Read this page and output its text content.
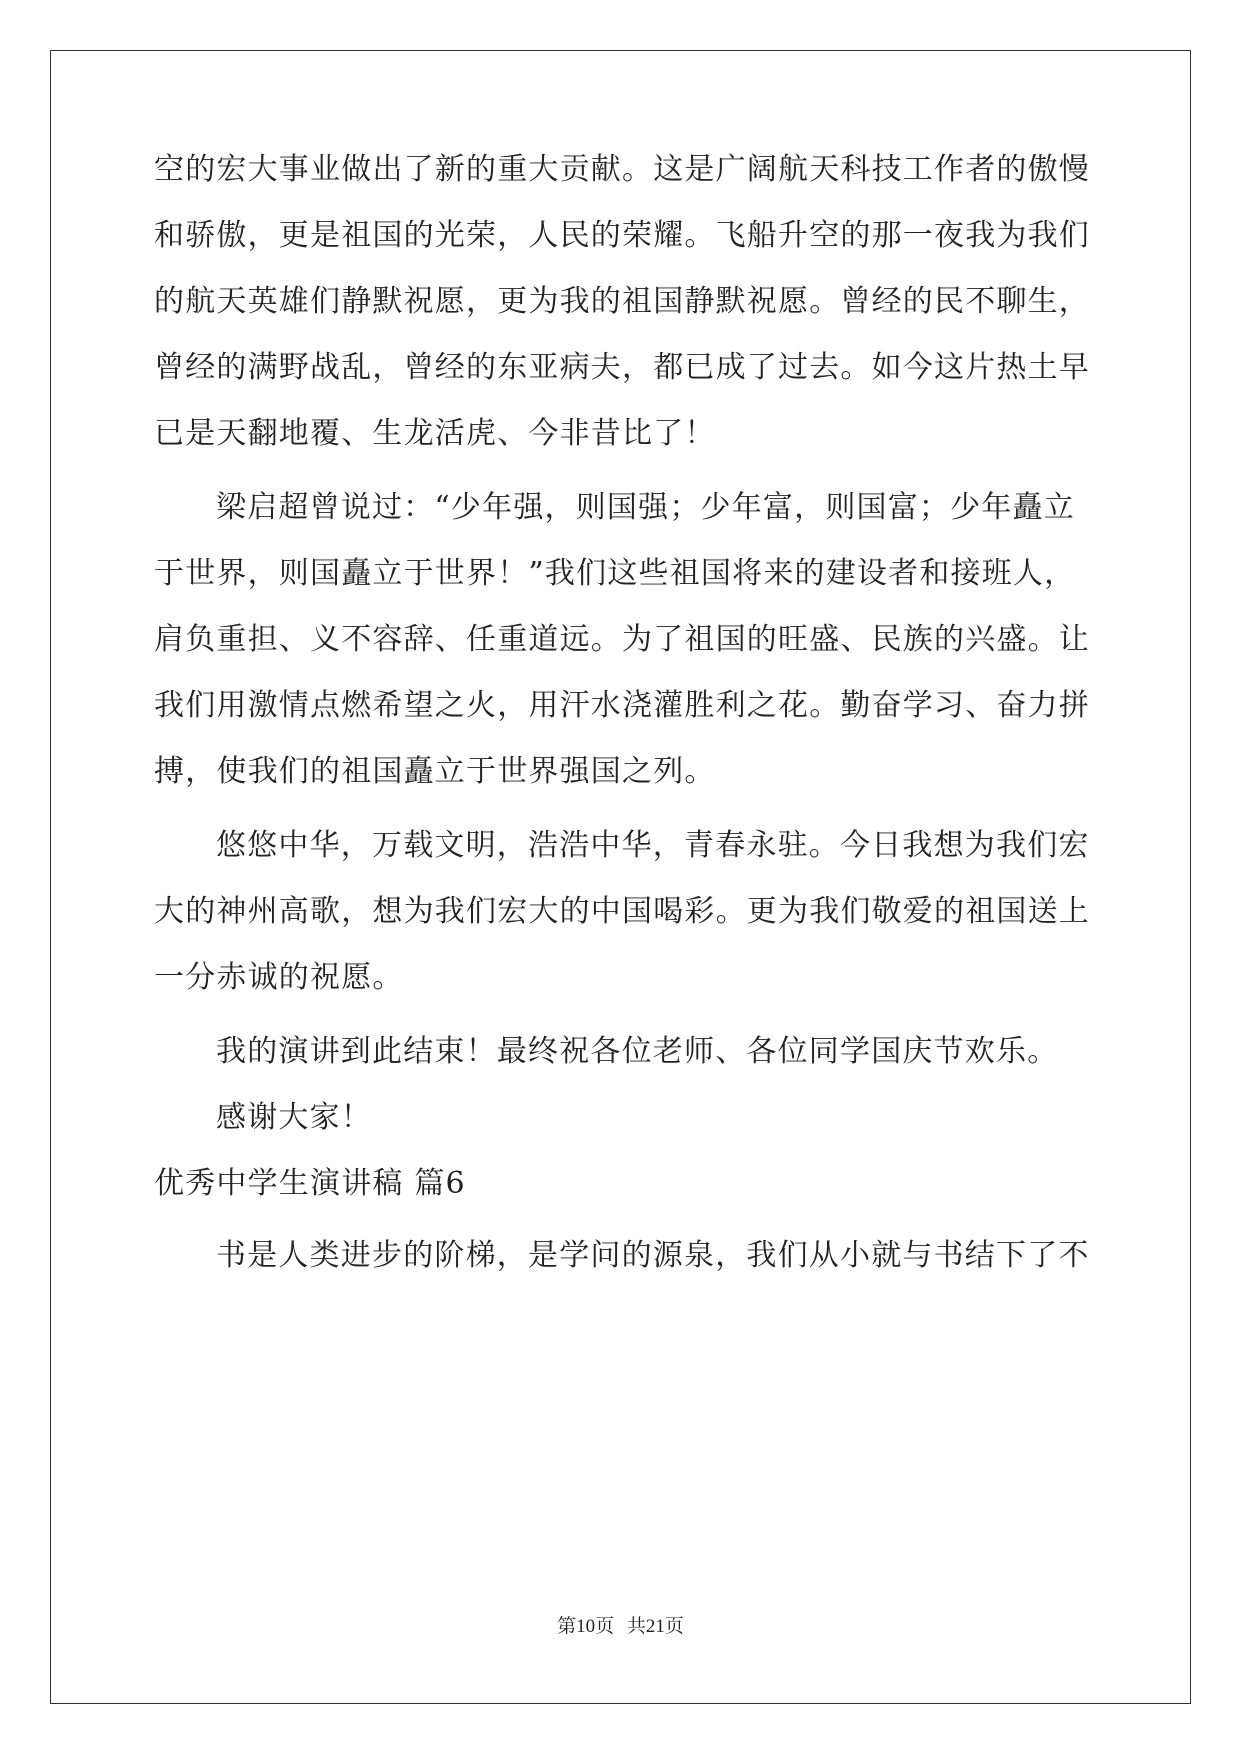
空的宏大事业做出了新的重大贡献。这是广阔航天科技工作者的傲慢
和骄傲，更是祖国的光荣，人民的荣耀。飞船升空的那一夜我为我们
的航天英雄们静默祝愿，更为我的祖国静默祝愿。曾经的民不聊生，
曾经的满野战乱，曾经的东亚病夫，都已成了过去。如今这片热土早
已是天翻地覆、生龙活虎、今非昔比了！
梁启超曾说过：“少年强，则国强；少年富，则国富；少年矗立
于世界，则国矗立于世界！”我们这些祖国将来的建设者和接班人，
肩负重担、义不容辞、任重道远。为了祖国的旺盛、民族的兴盛。让
我们用激情点燃希望之火，用汗水浇灌胜利之花。勤奋学习、奋力拼
搏，使我们的祖国矗立于世界强国之列。
悠悠中华，万载文明，浩浩中华，青春永驻。今日我想为我们宏
大的神州高歌，想为我们宏大的中国喝彩。更为我们敬爱的祖国送上
一分赤诚的祝愿。
我的演讲到此结束！最终祝各位老师、各位同学国庆节欢乐。
感谢大家！
优秀中学生演讲稿 篇6
书是人类进步的阶梯，是学问的源泉，我们从小就与书结下了不
第10页 共21页
